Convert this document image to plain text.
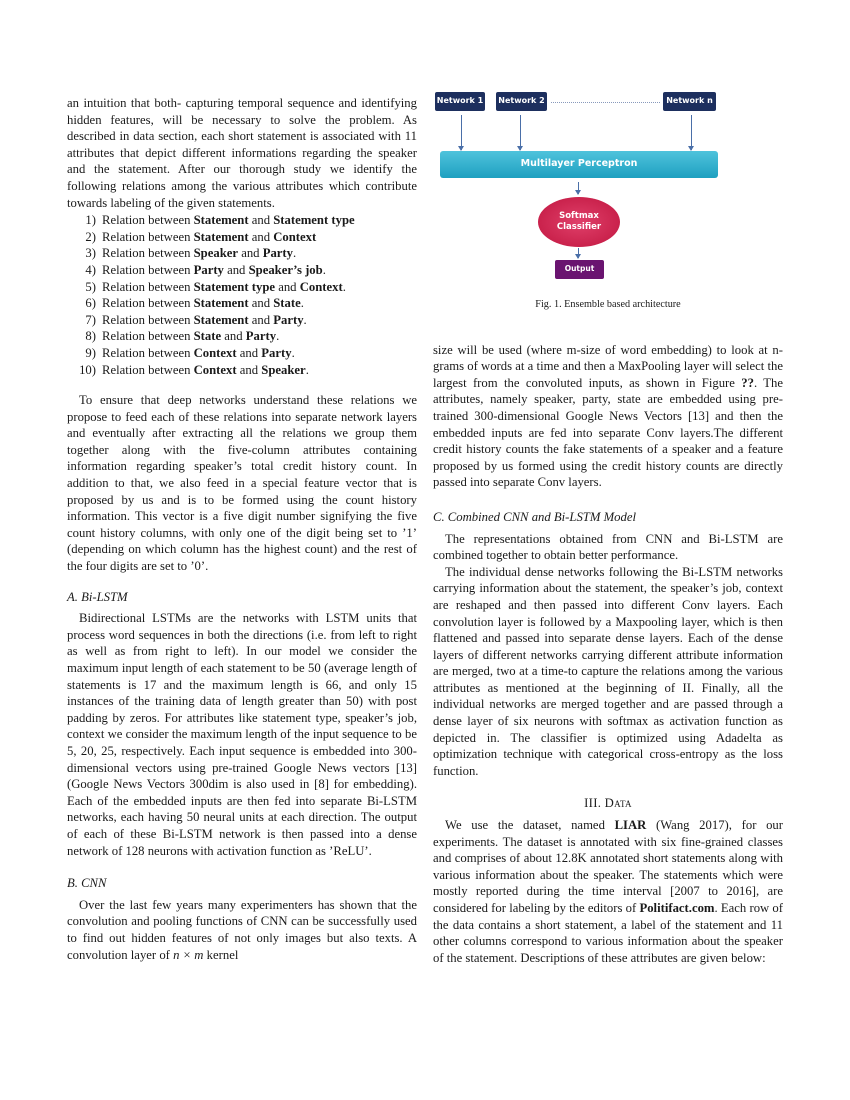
an intuition that both- capturing temporal sequence and identifying hidden features, will be necessary to solve the problem. As described in data section, each short statement is associated with 11 attributes that depict different informations regarding the speaker and the statement. After our thorough study we identify the following relations among the various attributes which contribute towards labeling of the given statements.

1) Relation between Statement and Statement type
2) Relation between Statement and Context
3) Relation between Speaker and Party.
4) Relation between Party and Speaker’s job.
5) Relation between Statement type and Context.
6) Relation between Statement and State.
7) Relation between Statement and Party.
8) Relation between State and Party.
9) Relation between Context and Party.
10) Relation between Context and Speaker.

To ensure that deep networks understand these relations we propose to feed each of these relations into separate network layers and eventually after extracting all the relations we group them together along with the five-column attributes containing information regarding speaker’s total credit history count. In addition to that, we also feed in a special feature vector that is proposed by us and is to be formed using the count history information. This vector is a five digit number signifying the five count history columns, with only one of the digit being set to ’1’ (depending on which column has the highest count) and the rest of the four digits are set to ’0’.

A. Bi-LSTM

Bidirectional LSTMs are the networks with LSTM units that process word sequences in both the directions (i.e. from left to right as well as from right to left). In our model we consider the maximum input length of each statement to be 50 (average length of statements is 17 and the maximum length is 66, and only 15 instances of the training data of length greater than 50) with post padding by zeros. For attributes like statement type, speaker’s job, context we consider the maximum length of the input sequence to be 5, 20, 25, respectively. Each input sequence is embedded into 300-dimensional vectors using pre-trained Google News vectors [13] (Google News Vectors 300dim is also used in [8] for embedding). Each of the embedded inputs are then fed into separate Bi-LSTM networks, each having 50 neural units at each direction. The output of each of these Bi-LSTM network is then passed into a dense network of 128 neurons with activation function as ’ReLU’.

B. CNN

Over the last few years many experimenters has shown that the convolution and pooling functions of CNN can be successfully used to find out hidden features of not only images but also texts. A convolution layer of n × m kernel

Network 1 Network 2	Network n
Multilayer Perceptron
Softmax
Classifier
Output
Fig. 1. Ensemble based architecture

size will be used (where m-size of word embedding) to look at n-grams of words at a time and then a MaxPooling layer will select the largest from the convoluted inputs, as shown in Figure ??. The attributes, namely speaker, party, state are embedded using pre-trained 300-dimensional Google News Vectors [13] and then the embedded inputs are fed into separate Conv layers.The different credit history counts the fake statements of a speaker and a feature proposed by us formed using the credit history counts are directly passed into separate Conv layers.

C. Combined CNN and Bi-LSTM Model

The representations obtained from CNN and Bi-LSTM are combined together to obtain better performance.

The individual dense networks following the Bi-LSTM networks carrying information about the statement, the speaker’s job, context are reshaped and then passed into different Conv layers. Each convolution layer is followed by a Maxpooling layer, which is then flattened and passed into separate dense layers. Each of the dense layers of different networks carrying different attribute information are merged, two at a time-to capture the relations among the various attributes as mentioned at the beginning of II. Finally, all the individual networks are merged together and are passed through a dense layer of six neurons with softmax as activation function as depicted in. The classifier is optimized using Adadelta as optimization technique with categorical cross-entropy as the loss function.

III. Data

We use the dataset, named LIAR (Wang 2017), for our experiments. The dataset is annotated with six fine-grained classes and comprises of about 12.8K annotated short statements along with various information about the speaker. The statements which were mostly reported during the time interval [2007 to 2016], are considered for labeling by the editors of Politifact.com. Each row of the data contains a short statement, a label of the statement and 11 other columns correspond to various information about the speaker of the statement. Descriptions of these attributes are given below:
